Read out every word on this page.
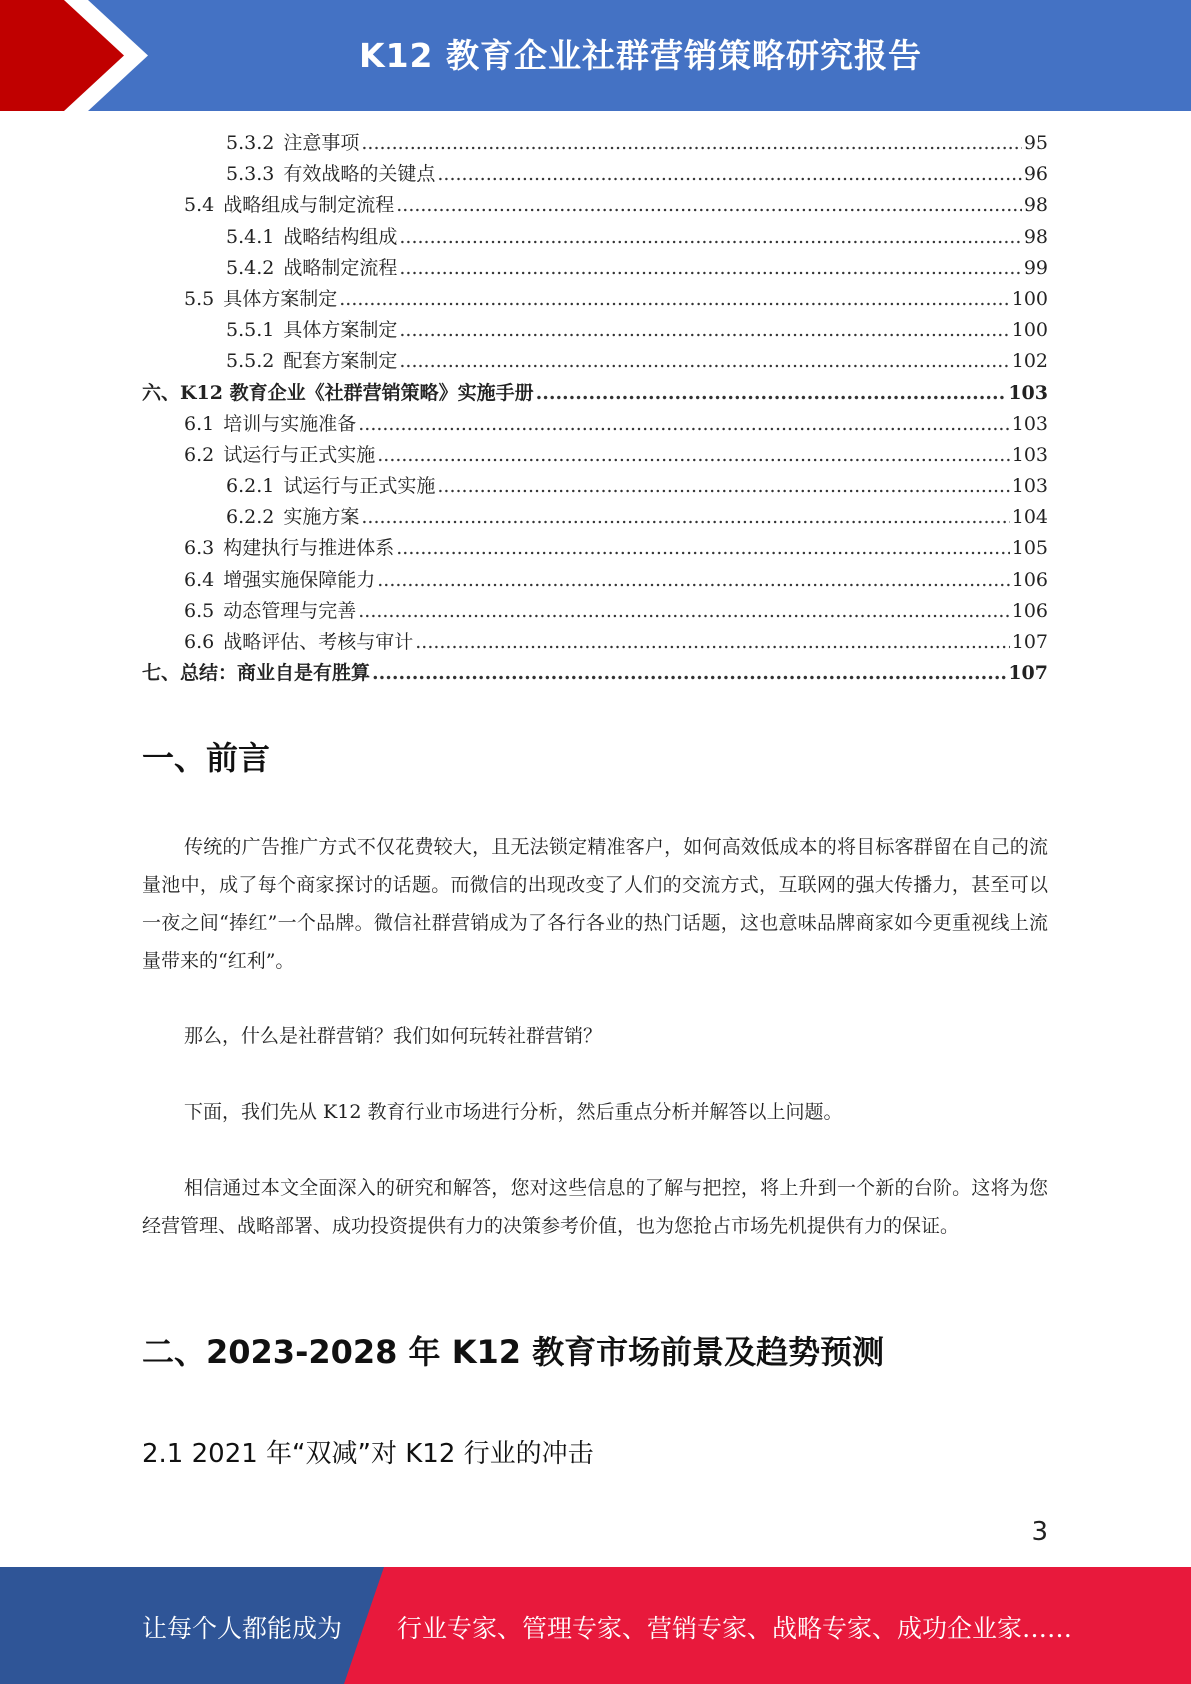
K12 教育企业社群营销策略研究报告
5.3.2 注意事项 .....	95
5.3.3 有效战略的关键点 .....	96
5.4 战略组成与制定流程 .....	98
5.4.1 战略结构组成 .....	98
5.4.2 战略制定流程 .....	99
5.5 具体方案制定 .....	100
5.5.1 具体方案制定 .....	100
5.5.2 配套方案制定 .....	102
六、 K12 教育企业《社群营销策略》实施手册 .....	103
6.1 培训与实施准备 .....	103
6.2 试运行与正式实施 .....	103
6.2.1 试运行与正式实施 .....	103
6.2.2 实施方案 .....	104
6.3 构建执行与推进体系 .....	105
6.4 增强实施保障能力 .....	106
6.5 动态管理与完善 .....	106
6.6 战略评估、考核与审计 .....	107
七、 总结：商业自是有胜算 .....	107
一、前言

传统的广告推广方式不仅花费较大，且无法锁定精准客户，如何高效低成本的将目标客群留在自己的流量池中，成了每个商家探讨的话题。而微信的出现改变了人们的交流方式，互联网的强大传播力，甚至可以一夜之间“捧红”一个品牌。微信社群营销成为了各行各业的热门话题，这也意味品牌商家如今更重视线上流量带来的“红利”。

那么，什么是社群营销？我们如何玩转社群营销？

下面，我们先从 K12 教育行业市场进行分析，然后重点分析并解答以上问题。

相信通过本文全面深入的研究和解答，您对这些信息的了解与把控，将上升到一个新的台阶。这将为您经营管理、战略部署、成功投资提供有力的决策参考价值，也为您抢占市场先机提供有力的保证。

二、2023-2028 年 K12 教育市场前景及趋势预测
2.1 2021 年“双减”对 K12 行业的冲击
3
让每个人都能成为 行业专家、管理专家、营销专家、战略专家、成功企业家……
